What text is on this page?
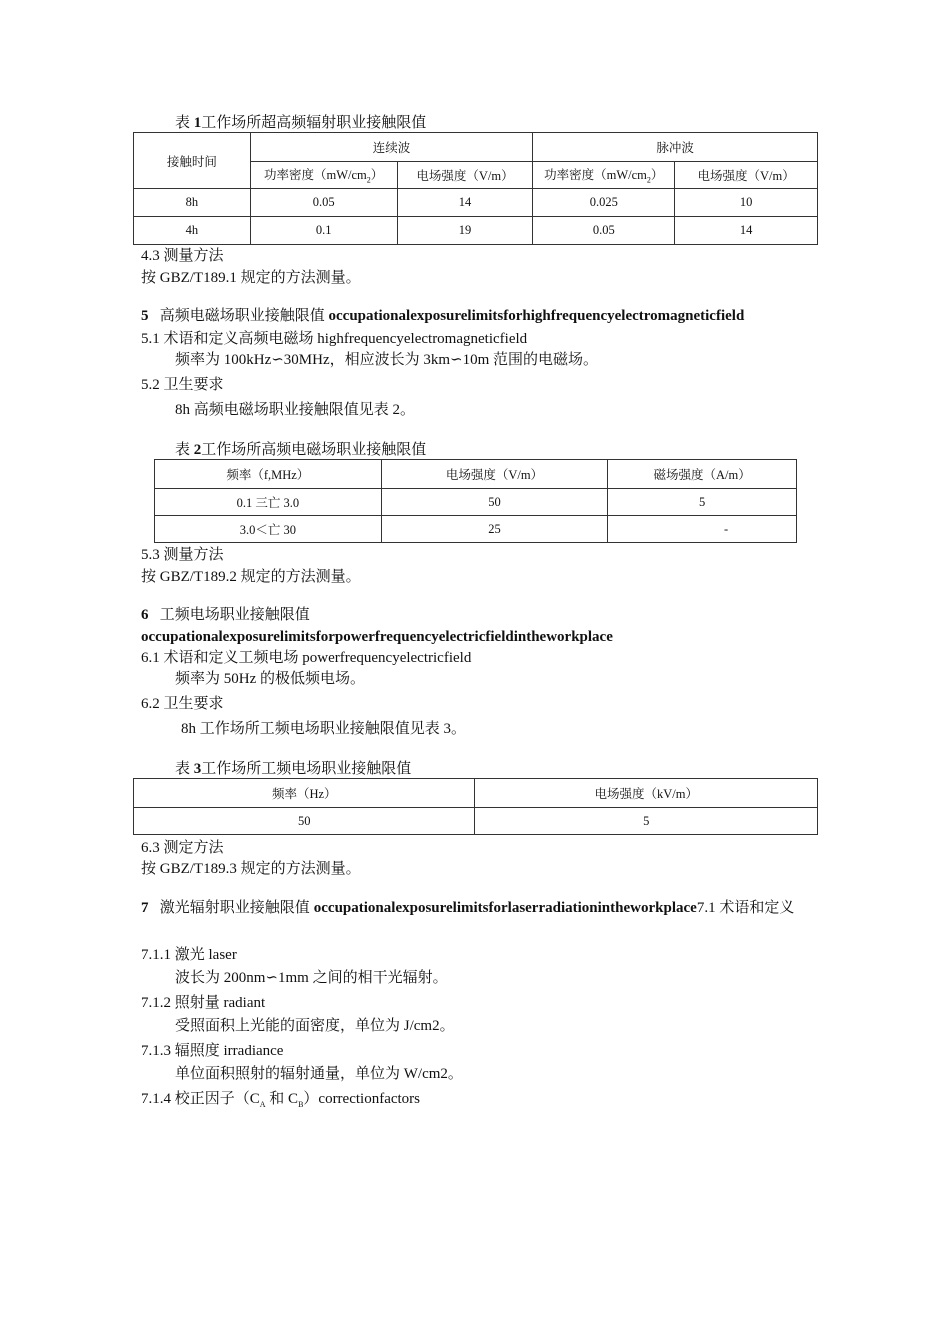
表 1工作场所超高频辐射职业接触限值
接触时间	连续波		脉冲波	
	功率密度$(mW/cm_2)$	电场强度（V/m）	功率密度$(mW/cm_2)$	电场强度（V/m）
8h	0.05	14	0.025	10
4h	0.1	19	0.05	14
4.3 测量方法
按 GBZ/T189.1 规定的方法测量。
5 高频电磁场职业接触限值 occupationalexposurelimitsforhighfrequencyelectromagneticfield
5.1 术语和定义高频电磁场 highfrequencyelectromagneticfield
频率为 100kHz∽30MHz，相应波长为 3km∽10m 范围的电磁场。
5.2 卫生要求
8h 高频电磁场职业接触限值见表 2。
表 2工作场所高频电磁场职业接触限值
频率（f,MHz）	电场强度（V/m）	磁场强度（A/m）
0.1 三亡 3.0	50	5
3.0＜亡 30	25	-
5.3 测量方法
按 GBZ/T189.2 规定的方法测量。
6 工频电场职业接触限值
occupationalexposurelimitsforpowerfrequencyelectricfieldintheworkplace
6.1 术语和定义工频电场 powerfrequencyelectricfield
频率为 50Hz 的极低频电场。
6.2 卫生要求
8h 工作场所工频电场职业接触限值见表 3。
表 3工作场所工频电场职业接触限值
频率（Hz）	电场强度（kV/m）
50	5
6.3 测定方法
按 GBZ/T189.3 规定的方法测量。
7 激光辐射职业接触限值 occupationalexposurelimitsforlaserradiationintheworkplace7.1 术语和定义
7.1.1 激光 laser
波长为 200nm∽1mm 之间的相干光辐射。
7.1.2 照射量 radiant
受照面积上光能的面密度，单位为 J/cm2。
7.1.3 辐照度 irradiance
单位面积照射的辐射通量，单位为 W/cm2。
7.1.4 校正因子（$C_A$ 和 $C_B)correctionfactors$
